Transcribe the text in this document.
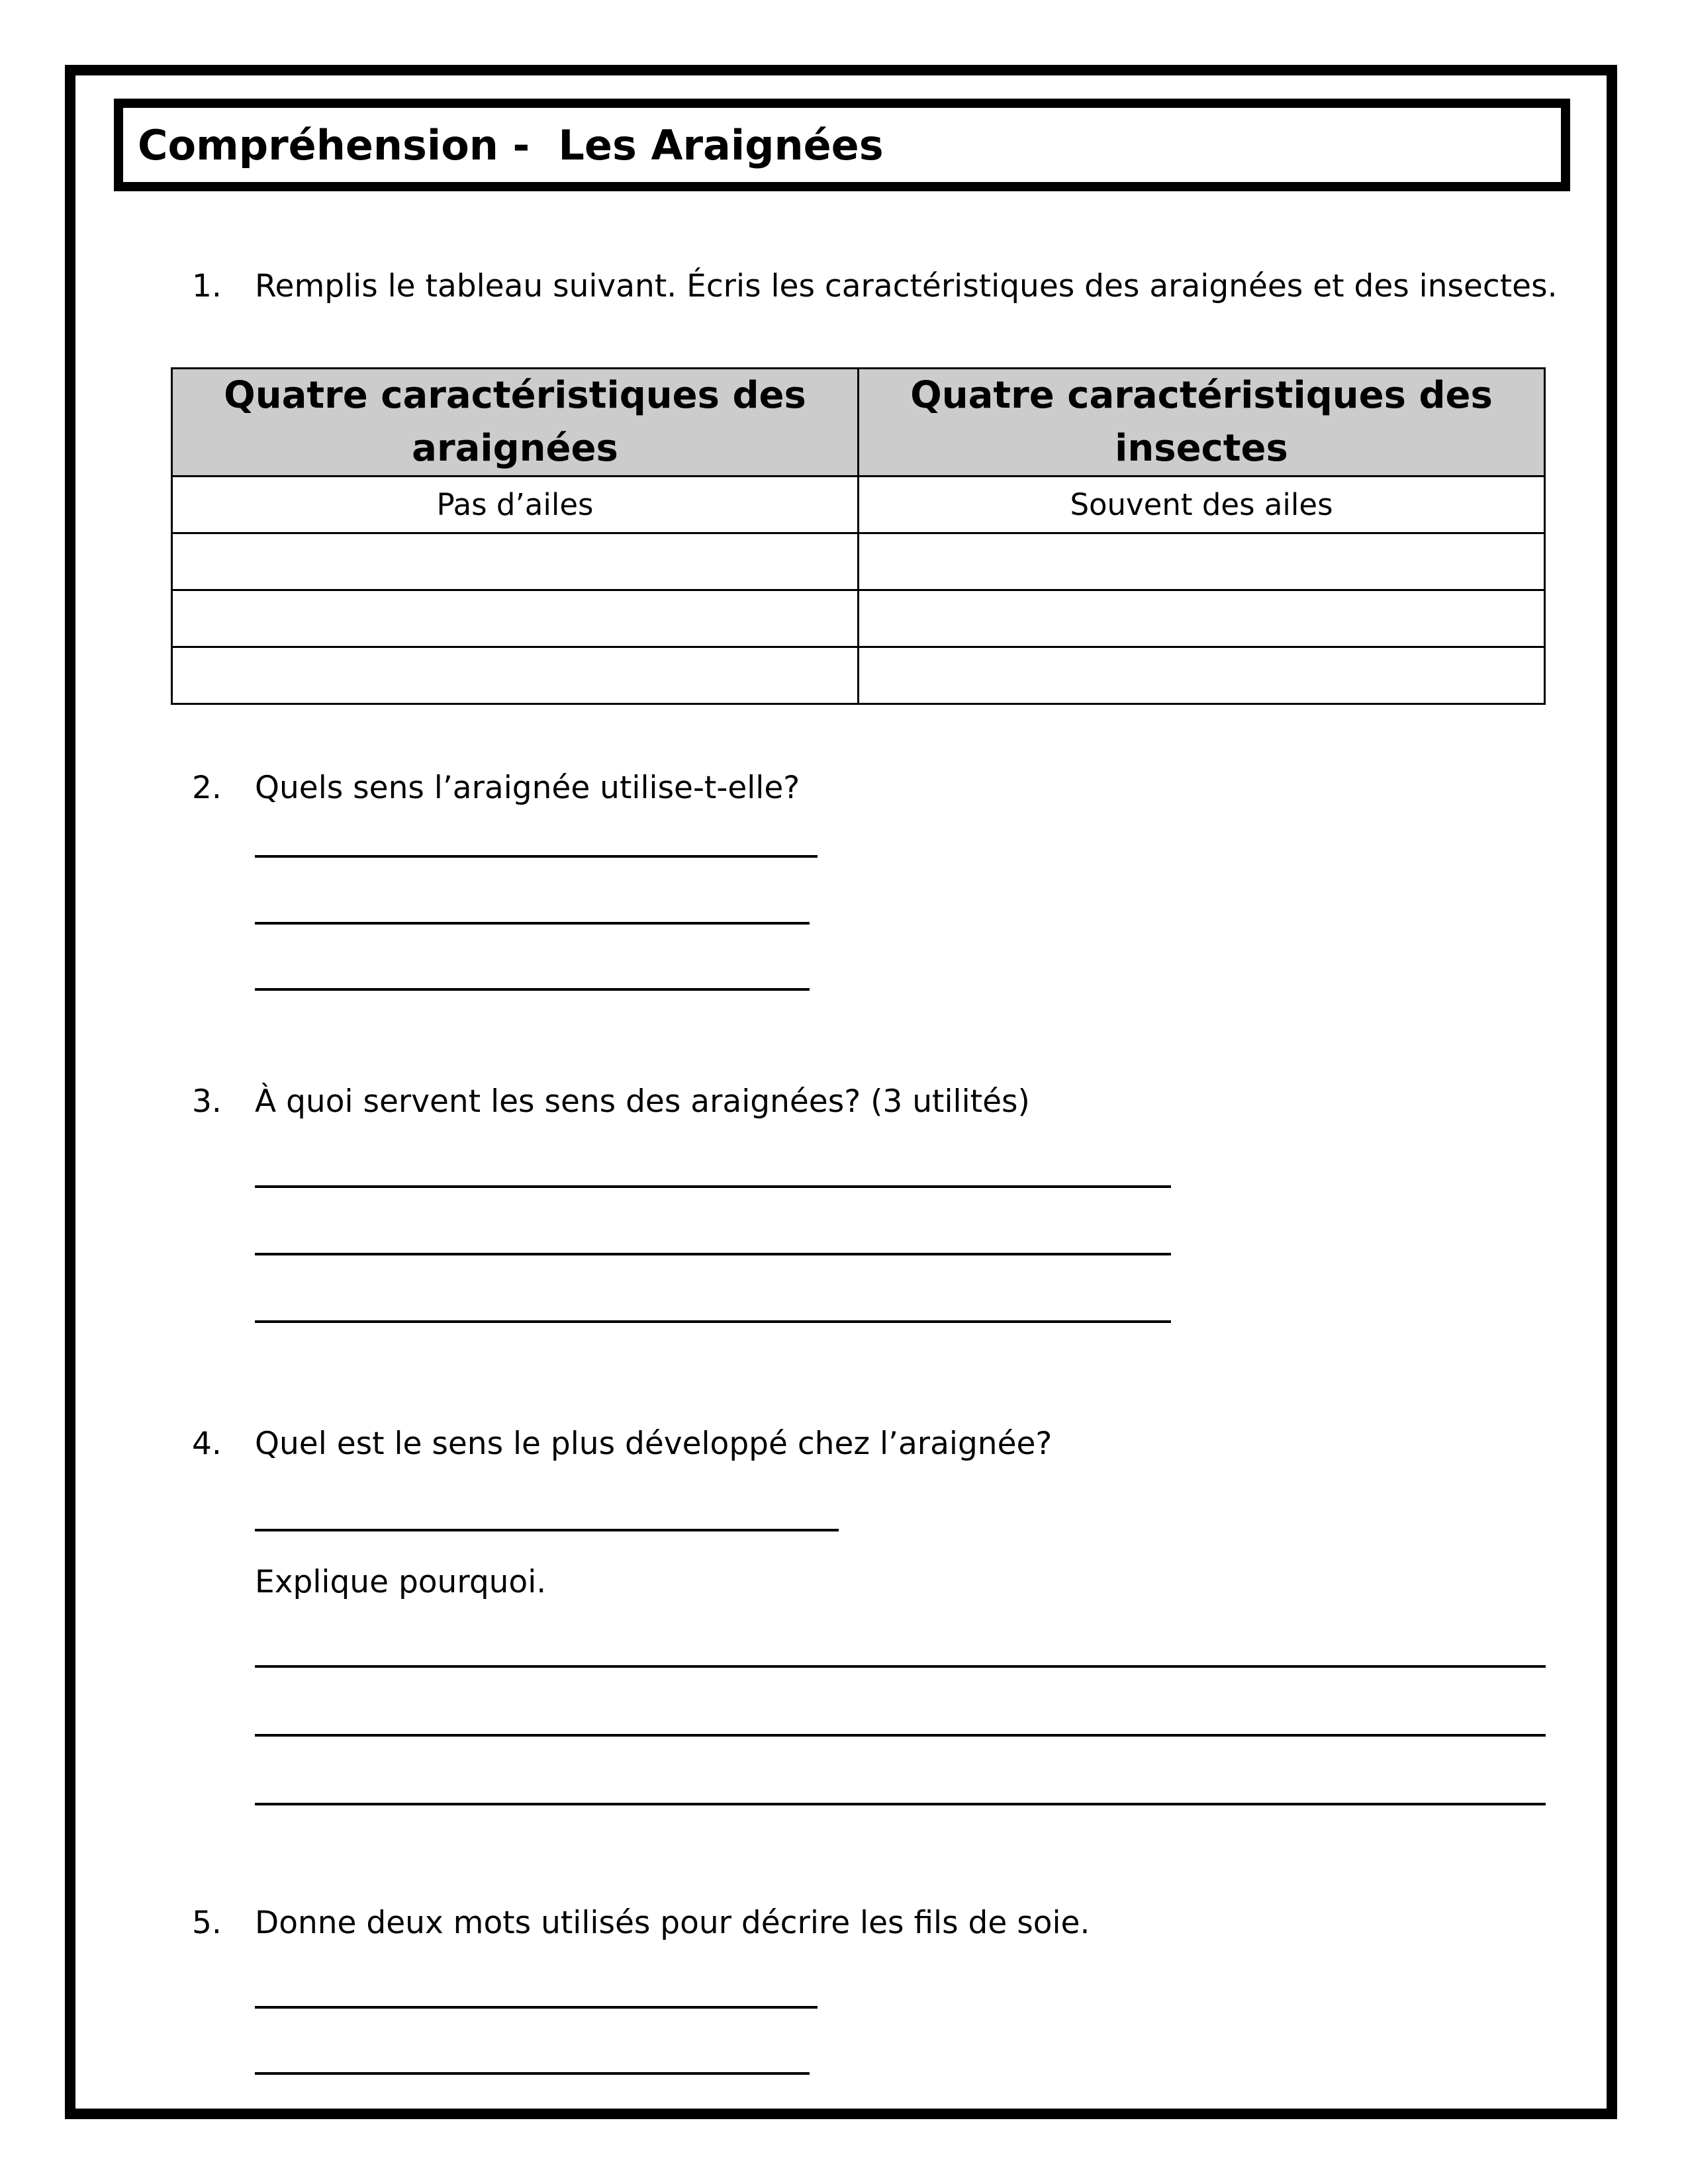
Compréhension -  Les Araignées
1. Remplis le tableau suivant. Écris les caractéristiques des araignées et des insectes.
Quatre caractéristiques des araignées	Quatre caractéristiques des insectes
Pas d’ailes	Souvent des ailes

2. Quels sens l’araignée utilise-t-elle?
3. À quoi servent les sens des araignées? (3 utilités)
4. Quel est le sens le plus développé chez l’araignée?
Explique pourquoi.
5. Donne deux mots utilisés pour décrire les fils de soie.
